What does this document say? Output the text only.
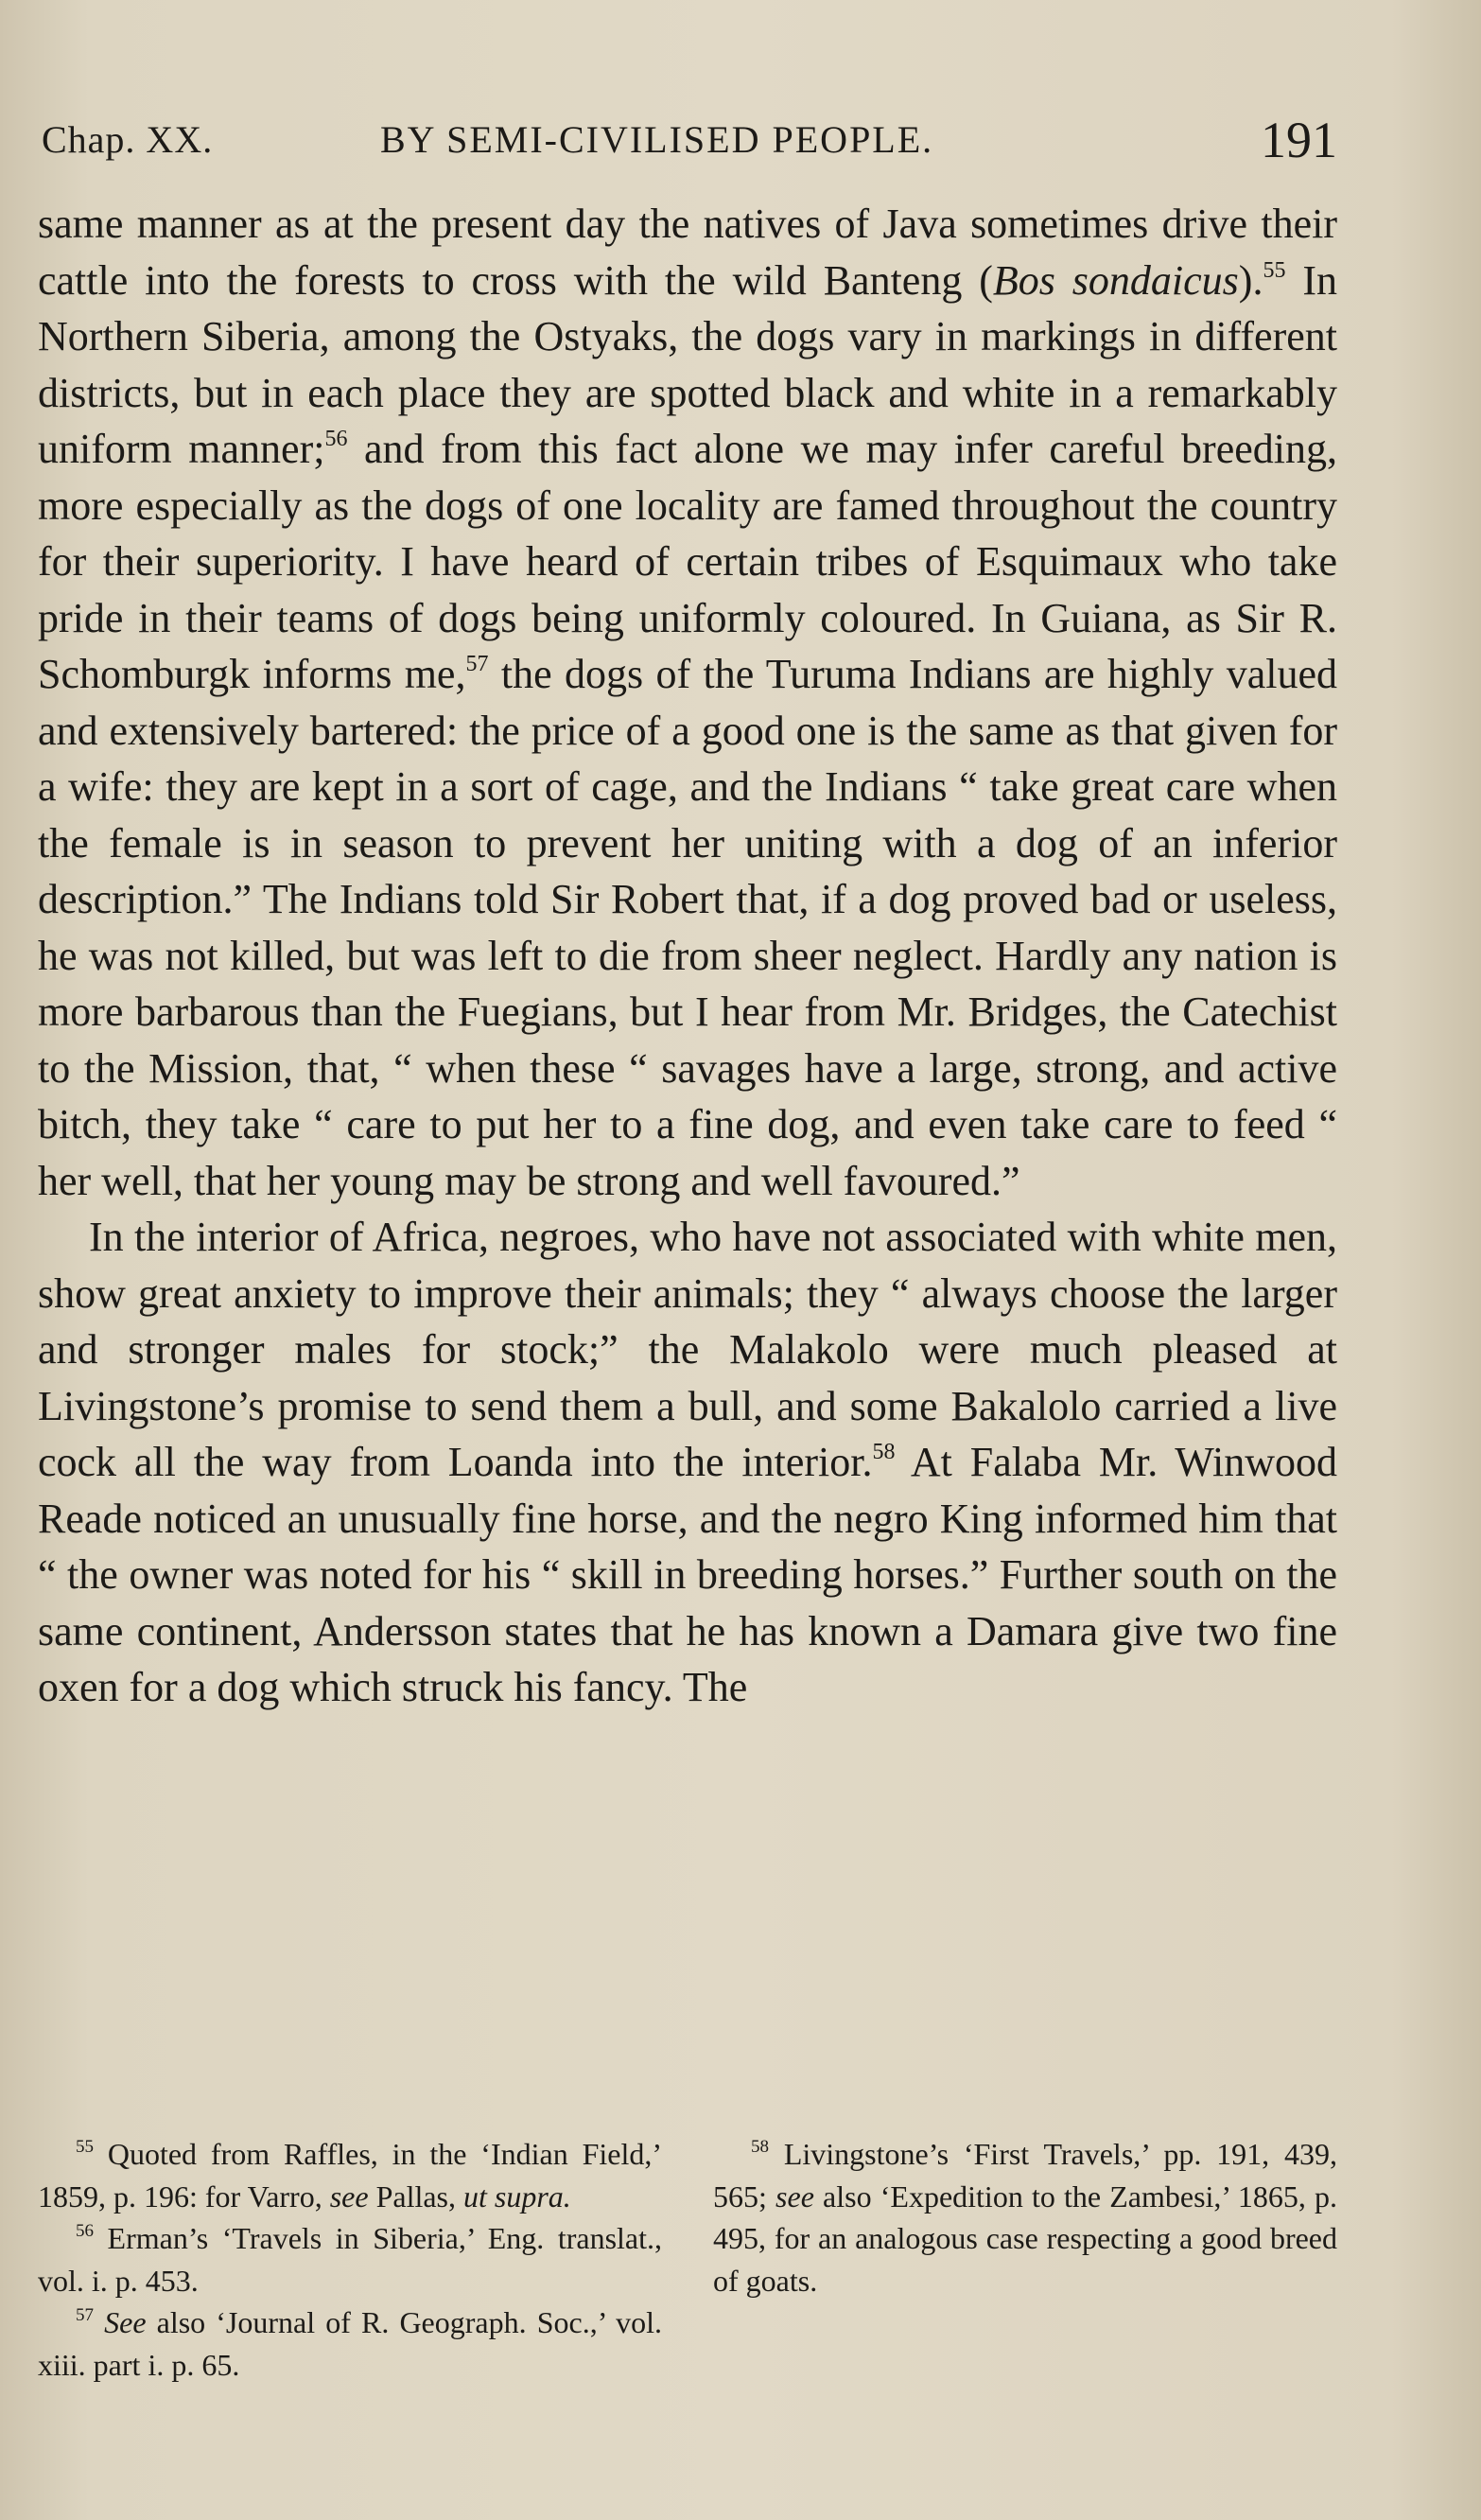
Chap. XX.	BY SEMI-CIVILISED PEOPLE.	191

same manner as at the present day the natives of Java sometimes drive their cattle into the forests to cross with the wild Banteng (Bos sondaicus).$^{55}$ In Northern Siberia, among the Ostyaks, the dogs vary in markings in different districts, but in each place they are spotted black and white in a remarkably uniform manner;$^{56}$ and from this fact alone we may infer careful breeding, more especially as the dogs of one locality are famed throughout the country for their superiority. I have heard of certain tribes of Esquimaux who take pride in their teams of dogs being uniformly coloured. In Guiana, as Sir R. Schomburgk informs me,$^{57}$ the dogs of the Turuma Indians are highly valued and extensively bartered: the price of a good one is the same as that given for a wife: they are kept in a sort of cage, and the Indians “ take great care when the female is in season to prevent her uniting with a dog of an inferior description.” The Indians told Sir Robert that, if a dog proved bad or useless, he was not killed, but was left to die from sheer neglect. Hardly any nation is more barbarous than the Fuegians, but I hear from Mr. Bridges, the Catechist to the Mission, that, “ when these “ savages have a large, strong, and active bitch, they take “ care to put her to a fine dog, and even take care to feed “ her well, that her young may be strong and well favoured.”

In the interior of Africa, negroes, who have not associated with white men, show great anxiety to improve their animals; they “ always choose the larger and stronger males for stock;” the Malakolo were much pleased at Livingstone’s promise to send them a bull, and some Bakalolo carried a live cock all the way from Loanda into the interior.$^{58}$ At Falaba Mr. Winwood Reade noticed an unusually fine horse, and the negro King informed him that “ the owner was noted for his “ skill in breeding horses.” Further south on the same continent, Andersson states that he has known a Damara give two fine oxen for a dog which struck his fancy. The

$^{55}$ Quoted from Raffles, in the ‘Indian Field,’ 1859, p. 196: for Varro, see Pallas, ut supra.

$^{56}$ Erman’s ‘Travels in Siberia,’ Eng. translat., vol. i. p. 453.

$^{57}$ See also ‘Journal of R. Geograph. Soc.,’ vol. xiii. part i. p. 65.

$^{58}$ Livingstone’s ‘First Travels,’ pp. 191, 439, 565; see also ‘Expedition to the Zambesi,’ 1865, p. 495, for an analogous case respecting a good breed of goats.
